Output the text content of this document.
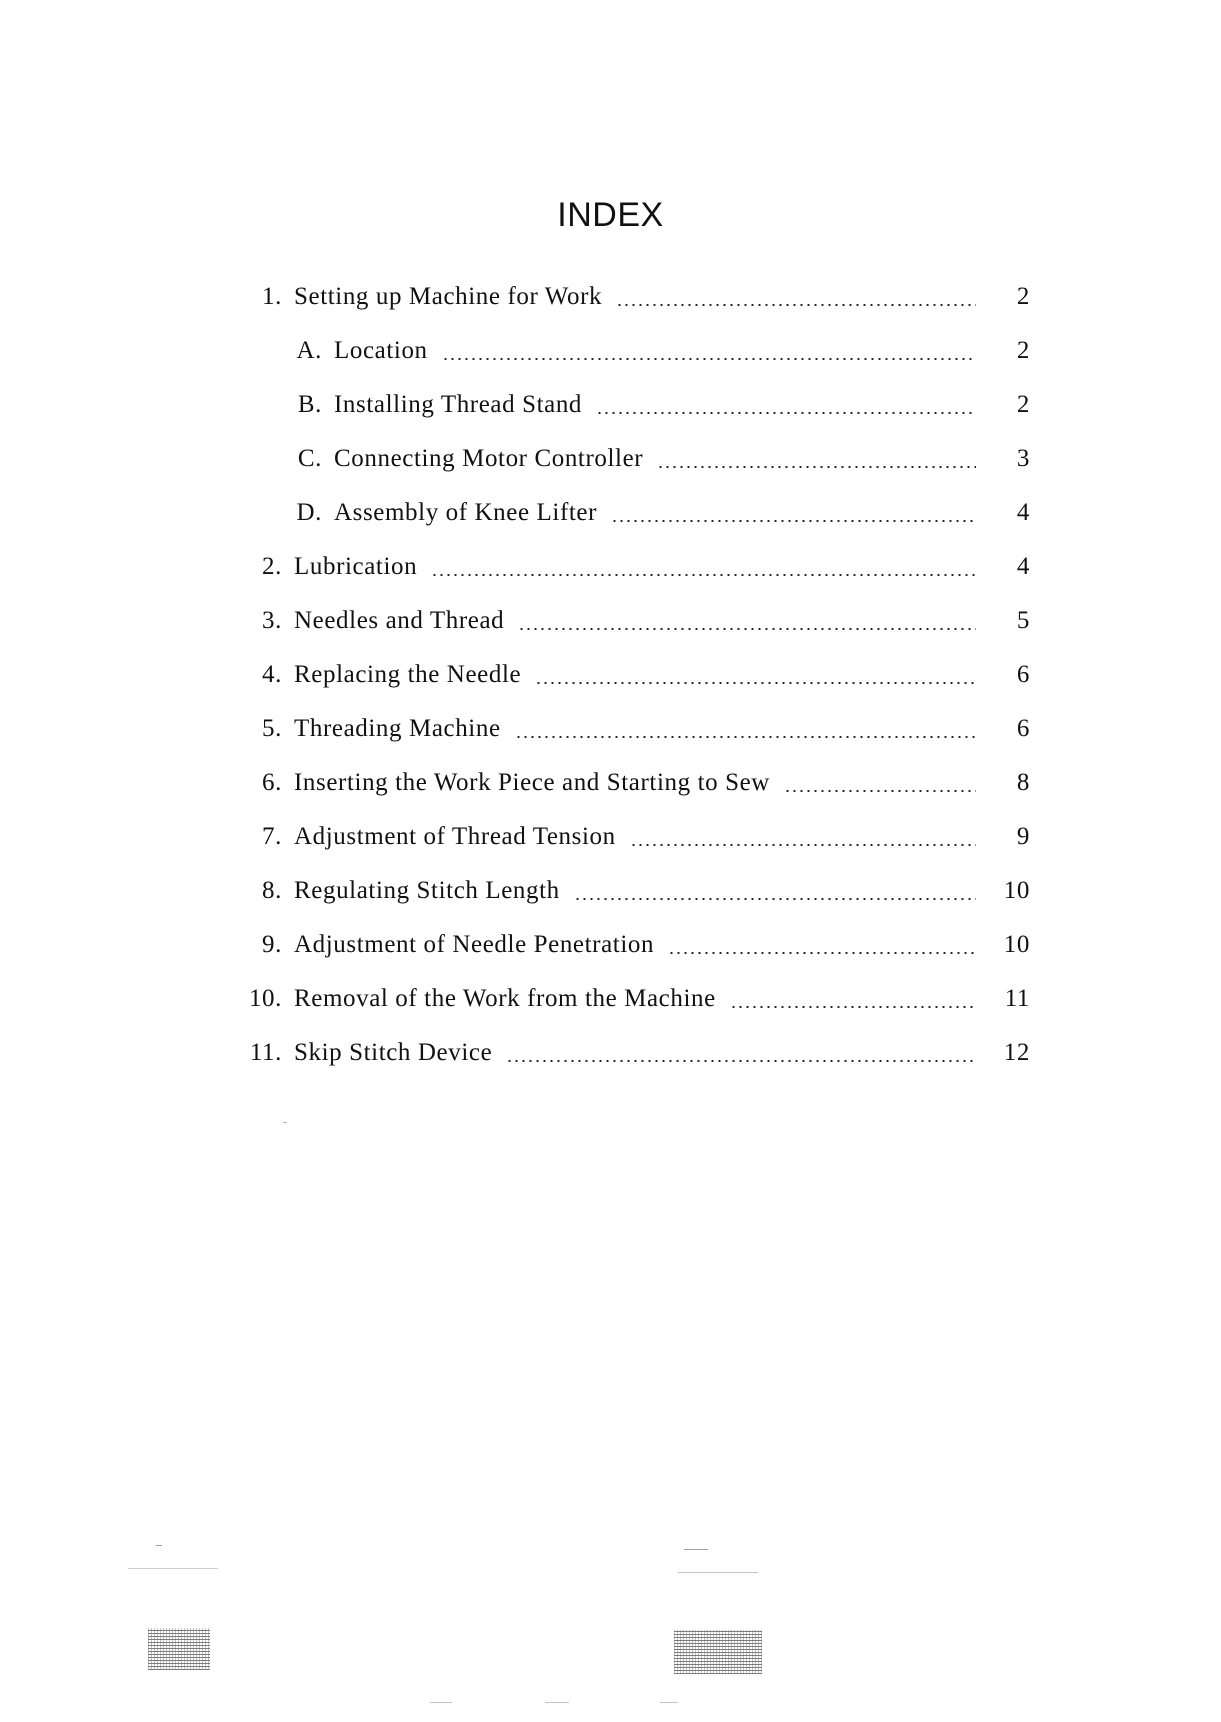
INDEX
1. Setting up Machine for Work	2
A. Location	2
B. Installing Thread Stand	2
C. Connecting Motor Controller	3
D. Assembly of Knee Lifter	4
2. Lubrication	4
3. Needles and Thread	5
4. Replacing the Needle	6
5. Threading Machine	6
6. Inserting the Work Piece and Starting to Sew	8
7. Adjustment of Thread Tension	9
8. Regulating Stitch Length	10
9. Adjustment of Needle Penetration	10
10. Removal of the Work from the Machine	11
11. Skip Stitch Device	12
